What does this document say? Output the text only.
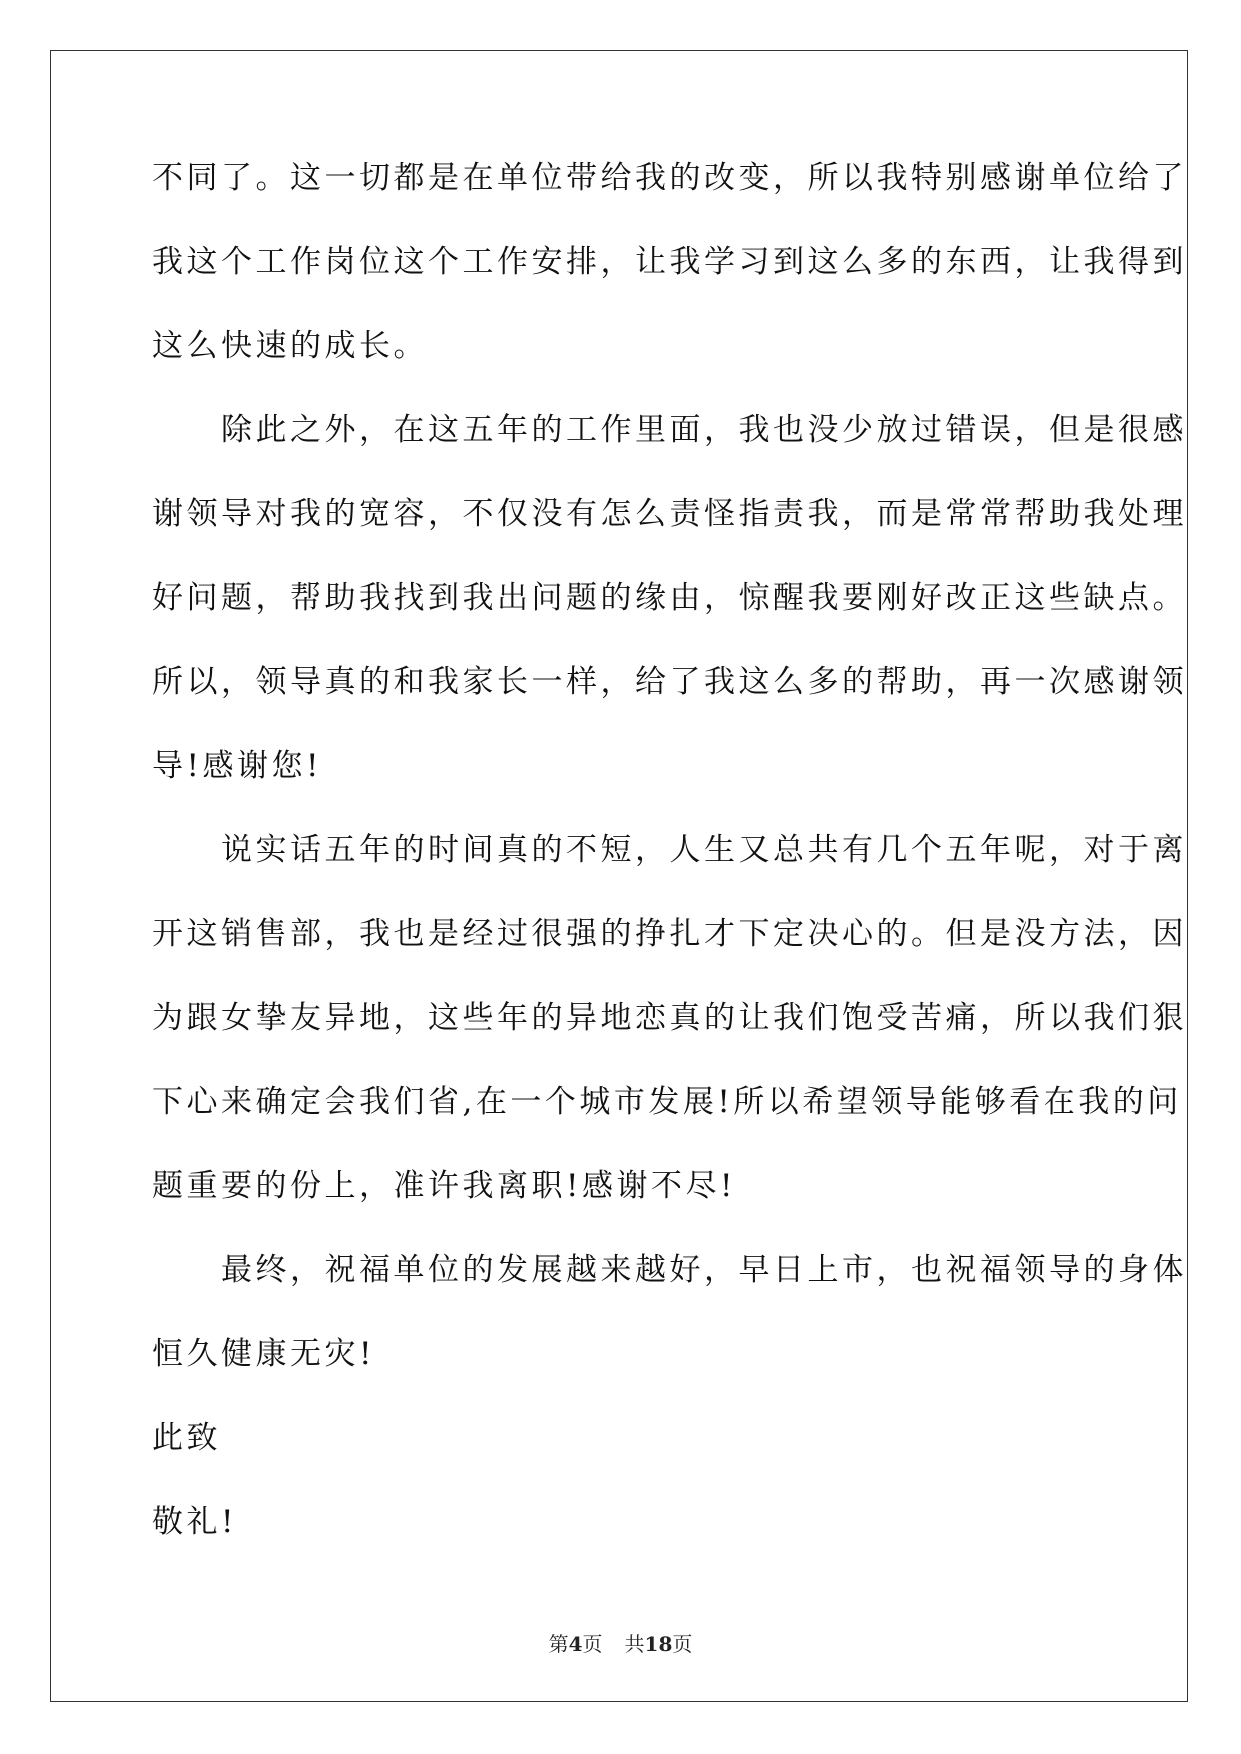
不同了。这一切都是在单位带给我的改变，所以我特别感谢单位给了
我这个工作岗位这个工作安排，让我学习到这么多的东西，让我得到
这么快速的成长。
　　除此之外，在这五年的工作里面，我也没少放过错误，但是很感
谢领导对我的宽容，不仅没有怎么责怪指责我，而是常常帮助我处理
好问题，帮助我找到我出问题的缘由，惊醒我要刚好改正这些缺点。
所以，领导真的和我家长一样，给了我这么多的帮助，再一次感谢领
导!感谢您!
　　说实话五年的时间真的不短，人生又总共有几个五年呢，对于离
开这销售部，我也是经过很强的挣扎才下定决心的。但是没方法，因
为跟女挚友异地，这些年的异地恋真的让我们饱受苦痛，所以我们狠
下心来确定会我们省,在一个城市发展!所以希望领导能够看在我的问
题重要的份上，准许我离职!感谢不尽!
　　最终，祝福单位的发展越来越好，早日上市，也祝福领导的身体
恒久健康无灾!
此致
敬礼!
第4页 共18页
